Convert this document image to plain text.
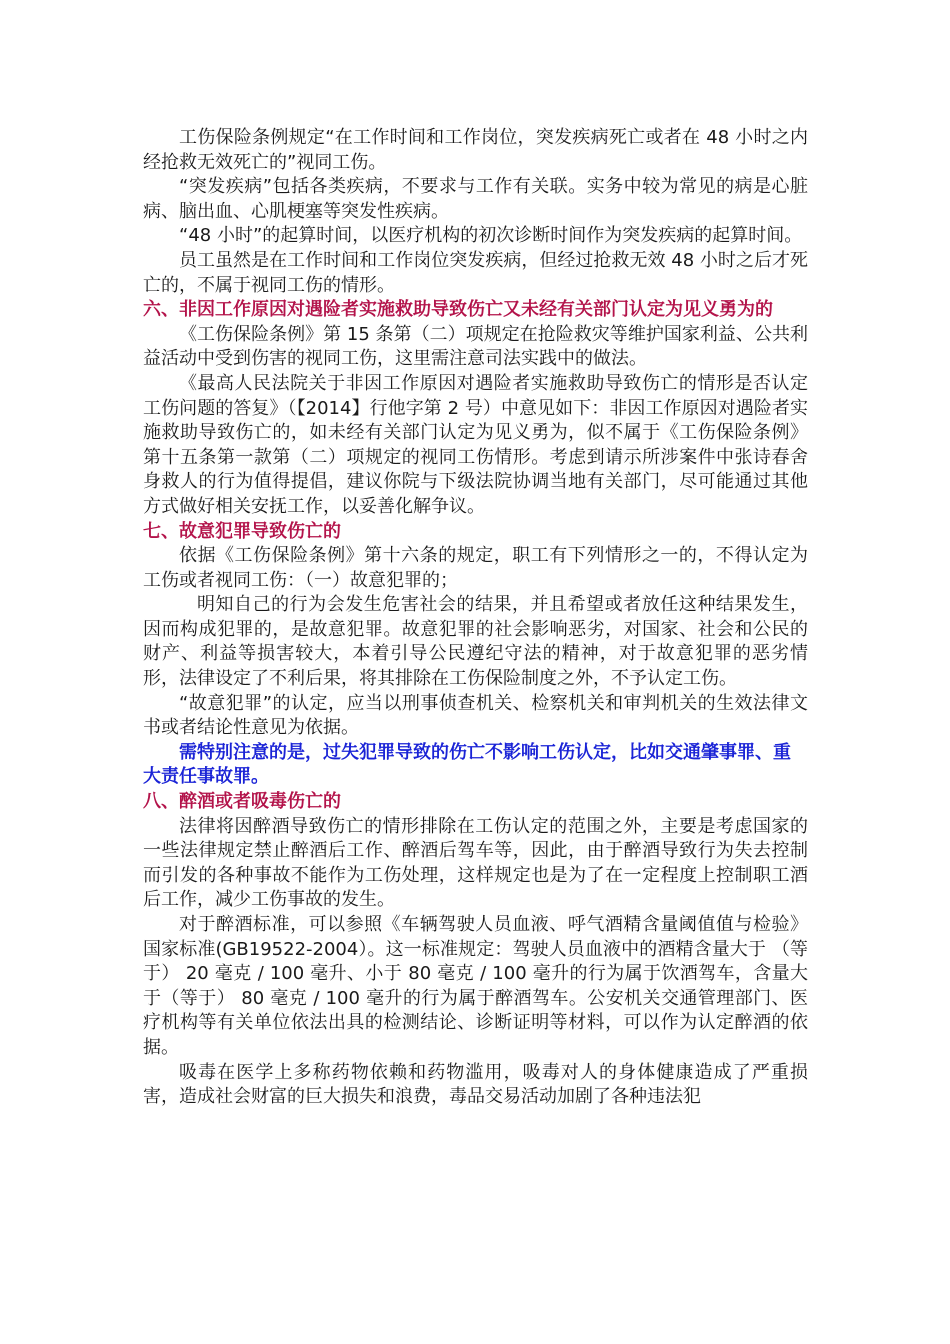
工伤保险条例规定“在工作时间和工作岗位，突发疾病死亡或者在 48 小时之内经抢救无效死亡的”视同工伤。

“突发疾病”包括各类疾病，不要求与工作有关联。实务中较为常见的病是心脏病、脑出血、心肌梗塞等突发性疾病。

“48 小时”的起算时间，以医疗机构的初次诊断时间作为突发疾病的起算时间。

员工虽然是在工作时间和工作岗位突发疾病，但经过抢救无效 48 小时之后才死亡的，不属于视同工伤的情形。

六、非因工作原因对遇险者实施救助导致伤亡又未经有关部门认定为见义勇为的

《工伤保险条例》第 15 条第（二）项规定在抢险救灾等维护国家利益、公共利益活动中受到伤害的视同工伤，这里需注意司法实践中的做法。

《最高人民法院关于非因工作原因对遇险者实施救助导致伤亡的情形是否认定工伤问题的答复》（【2014】行他字第 2 号）中意见如下：非因工作原因对遇险者实施救助导致伤亡的，如未经有关部门认定为见义勇为，似不属于《工伤保险条例》第十五条第一款第（二）项规定的视同工伤情形。考虑到请示所涉案件中张诗春舍身救人的行为值得提倡，建议你院与下级法院协调当地有关部门，尽可能通过其他方式做好相关安抚工作，以妥善化解争议。

七、故意犯罪导致伤亡的

依据《工伤保险条例》第十六条的规定，职工有下列情形之一的，不得认定为工伤或者视同工伤：（一）故意犯罪的；

明知自己的行为会发生危害社会的结果，并且希望或者放任这种结果发生，因而构成犯罪的，是故意犯罪。故意犯罪的社会影响恶劣，对国家、社会和公民的财产、利益等损害较大，本着引导公民遵纪守法的精神，对于故意犯罪的恶劣情形，法律设定了不利后果，将其排除在工伤保险制度之外，不予认定工伤。

“故意犯罪”的认定，应当以刑事侦查机关、检察机关和审判机关的生效法律文书或者结论性意见为依据。

需特别注意的是，过失犯罪导致的伤亡不影响工伤认定，比如交通肇事罪、重大责任事故罪。

八、醉酒或者吸毒伤亡的

法律将因醉酒导致伤亡的情形排除在工伤认定的范围之外，主要是考虑国家的一些法律规定禁止醉酒后工作、醉酒后驾车等，因此，由于醉酒导致行为失去控制而引发的各种事故不能作为工伤处理，这样规定也是为了在一定程度上控制职工酒后工作，减少工伤事故的发生。

对于醉酒标准，可以参照《车辆驾驶人员血液、呼气酒精含量阈值值与检验》国家标准(GB19522-2004）。这一标准规定：驾驶人员血液中的酒精含量大于 （等于） 20 毫克 / 100 毫升、小于 80 毫克 / 100 毫升的行为属于饮酒驾车，含量大于（等于） 80 毫克 / 100 毫升的行为属于醉酒驾车。公安机关交通管理部门、医疗机构等有关单位依法出具的检测结论、诊断证明等材料，可以作为认定醉酒的依据。

吸毒在医学上多称药物依赖和药物滥用，吸毒对人的身体健康造成了严重损害，造成社会财富的巨大损失和浪费，毒品交易活动加剧了各种违法犯
